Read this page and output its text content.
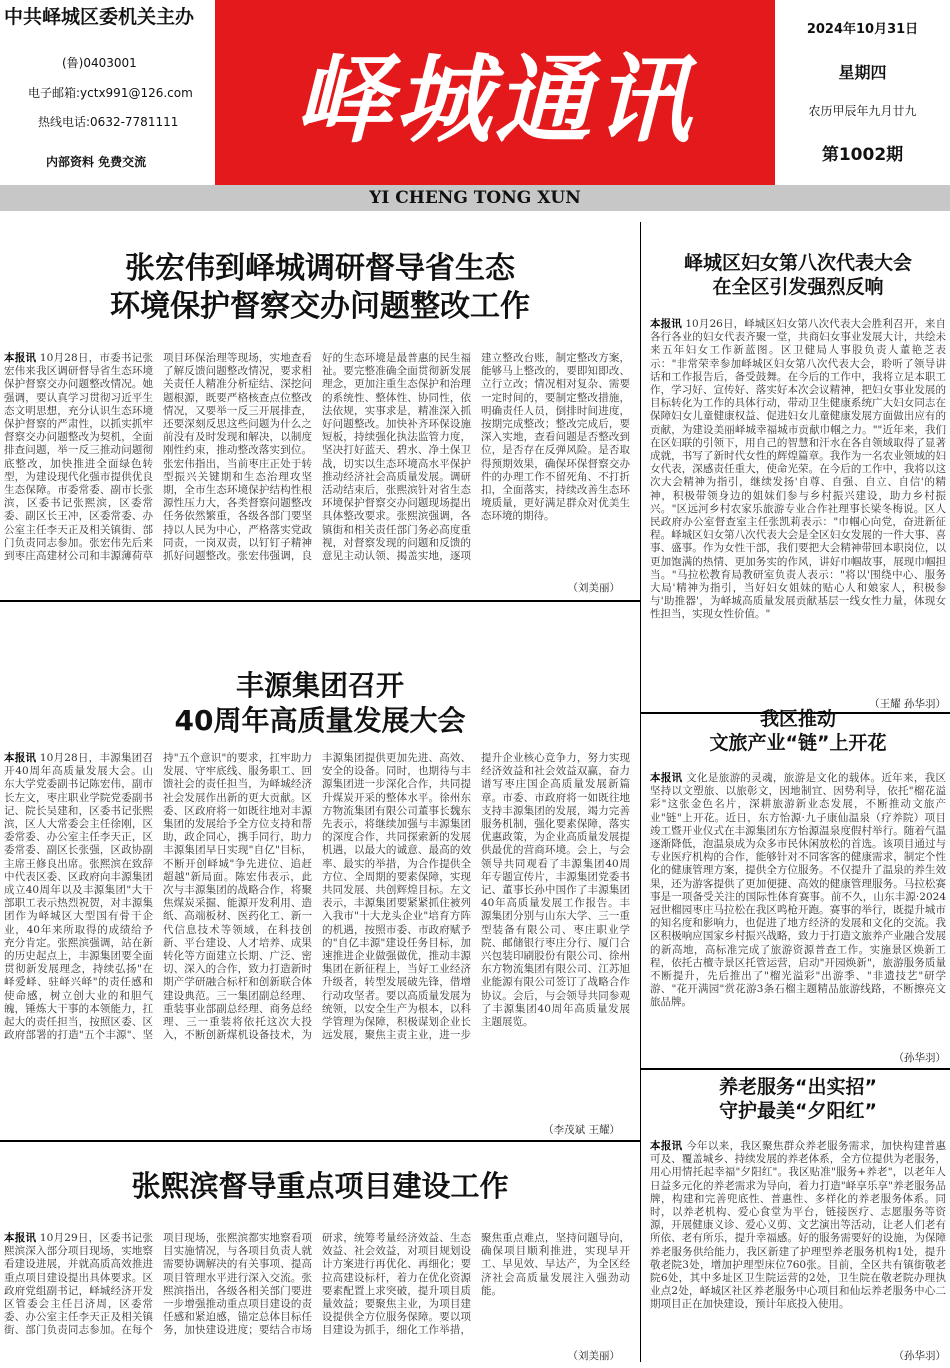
中共峄城区委机关主办
(鲁)0403001
电子邮箱:yctx991@126.com
热线电话:0632-7781111
内部资料 免费交流
峄城通讯
2024年10月31日
星期四
农历甲辰年九月廿九
第1002期
YI CHENG TONG XUN
张宏伟到峄城调研督导省生态
环境保护督察交办问题整改工作
本报讯 10月28日，市委书记张宏伟来我区调研督导省生态环境保护督察交办问题整改情况。她强调，要认真学习贯彻习近平生态文明思想，充分认识生态环境保护督察的严肃性，以抓实抓牢督察交办问题整改为契机，全面排查问题，举一反三推动问题彻底整改，加快推进全面绿色转型，为建设现代化强市提供优良生态保障。市委常委、副市长张滨，区委书记张熙滨，区委常委、副区长王冲，区委常委、办公室主任李天正及相关镇街、部门负责同志参加。张宏伟先后来到枣庄高建材公司和丰源薄荷草项目环保治理等现场，实地查看了解反馈问题整改情况，要求相关责任人精准分析症结、深挖问题根源，既要严格核查点位整改情况，又要举一反三开展排查，还要深刻反思这些问题为什么之前没有及时发现和解决，以制度刚性约束，推动整改落实到位。张宏伟指出，当前枣庄正处于转型振兴关键期和生态治理攻坚期，全市生态环境保护结构性根源性压力大，各类督察问题整改任务依然繁重，各级各部门要坚持以人民为中心，严格落实党政同责，一岗双责，以钉钉子精神抓好问题整改。张宏伟强调，良好的生态环境是最普惠的民生福祉。要完整准确全面贯彻新发展理念，更加注重生态保护和治理的系统性、整体性、协同性，依法依规，实事求是，精准深入抓好问题整改。加快补齐环保设施短板，持续强化执法监管力度，坚决打好蓝天、碧水、净土保卫战，切实以生态环境高水平保护推动经济社会高质量发展。调研活动结束后，张熙滨针对省生态环境保护督察交办问题现场提出具体整改要求。张熙滨强调，各镇街和相关责任部门务必高度重视，对督察发现的问题和反馈的意见主动认领、揭盖实地，逐项建立整改台账，制定整改方案，能够马上整改的，要即知即改、立行立改；情况相对复杂、需要一定时间的，要制定整改措施，明确责任人员，倒排时间进度，按期完成整改；整改完成后，要深入实地，查看问题是否整改到位，是否存在反弹风险。是否取得预期效果，确保环保督察交办件的办理工作不留死角、不打折扣，全面落实，持续改善生态环境质量，更好满足群众对优美生态环境的期待。
（刘美丽）
丰源集团召开
40周年高质量发展大会
本报讯 10月28日，丰源集团召开40周年高质量发展大会。山东大学党委副书记陈宏伟，副市长左文，枣庄职业学院党委副书记、院长吴建和，区委书记张熙滨，区人大常委会主任徐刚，区委常委、办公室主任李天正，区委常委、副区长张强，区政协副主席王修良出席。张熙滨在致辞中代表区委、区政府向丰源集团成立40周年以及丰源集团"大干部职工表示热烈祝贺，对丰源集团作为峄城区大型国有骨干企业，40年来所取得的成绩给予充分肯定。张熙滨强调，站在新的历史起点上，丰源集团要全面贯彻新发展理念，持续弘扬"在峄爱峄、驻峄兴峄"的责任感和使命感，树立创大业的和胆气魄，锤炼大干事的本领能力，扛起大的责任担当，按照区委、区政府部署的打造"五个丰源"、坚持"五个意识"的要求，扛牢助力发展、守牢底线、服务职工、回馈社会的责任担当，为峄城经济社会发展作出新的更大贡献。区委、区政府将一如既往地对丰源集团的发展给予全方位支持和帮助，政企同心，携手同行，助力丰源集团早日实现"自亿"目标，不断开创峄城"争先进位、追赶超越"新局面。陈宏伟表示，此次与丰源集团的战略合作，将聚焦煤炭采掘、能源开发利用、造纸、高端板材、医药化工、新一代信息技术等领域，在科技创新、平台建设、人才培养、成果转化等方面建立长期、广泛、密切、深入的合作，致力打造新时期产学研融合标杆和创新联合体建设典范。三一集团副总经理、重装事业部副总经理、商务总经理、三一重装将依托这次大投入，不断创新煤机设备技术，为丰源集团提供更加先进、高效、安全的设备。同时，也期待与丰源集团进一步深化合作，共同提升煤炭开采的整体水平。徐州东方物流集团有限公司董事长魏东先表示，将继续加强与丰源集团的深度合作，共同探索新的发展机遇，以最大的诚意、最高的效率、最实的举措，为合作提供全方位、全周期的要素保障，实现共同发展、共创辉煌目标。左文表示，丰源集团要紧紧抓住被列入我市"十大龙头企业"培育方阵的机遇，按照市委、市政府赋予的"自亿丰源"建设任务目标，加速推进企业做强做优，推动丰源集团在新征程上，当好工业经济升级者，转型发展破先锋，借增行动攻坚者。要以高质量发展为统领，以安全生产为根本，以科学管理为保障，积极谋划企业长远发展，聚焦主责主业，进一步提升企业核心竞争力，努力实现经济效益和社会效益双赢，奋力谱写枣庄国企高质量发展新篇章。市委、市政府将一如既往地支持丰源集团的发展，竭力完善服务机制，强化要素保障，落实优惠政策，为企业高质量发展提供最优的营商环境。会上，与会领导共同观看了丰源集团40周年专题宣传片，丰源集团党委书记、董事长孙中国作了丰源集团40年高质量发展工作报告。丰源集团分别与山东大学、三一重型装备有限公司、枣庄职业学院、邮储银行枣庄分行、厦门合兴包装印刷股份有限公司、徐州东方物流集团有限公司、江苏旭业能源有限公司签订了战略合作协议。会后，与会领导共同参观了丰源集团40周年高质量发展主题展览。
（李茂斌 王耀）
张熙滨督导重点项目建设工作
本报讯 10月29日，区委书记张熙滨深入部分项目现场，实地察看建设进展，并就高质高效推进重点项目建设提出具体要求。区政府党组副书记，峄城经济开发区管委会主任吕济周，区委常委、办公室主任李天正及相关镇街、部门负责同志参加。在每个项目现场，张熙滨都实地察看项目实施情况，与各项目负责人就需要协调解决的有关事项、提高项目管理水平进行深入交流。张熙滨指出，各级各相关部门要进一步增强推动重点项目建设的责任感和紧迫感，锚定总体目标任务，加快建设进度；要结合市场研求，统筹考量经济效益、生态效益、社会效益，对项目规划设计方案进行再优化、再细化；要拉高建设标杆，着力在优化资源要素配置上求突破，提升项目质量效益；要聚焦主业，为项目建设提供全方位服务保障。要以项目建设为抓手，细化工作举措，聚焦重点难点，坚持问题导向，确保项目顺利推进，实现早开工、早见效、早达产，为全区经济社会高质量发展注入强劲动能。
（刘美丽）
峄城区妇女第八次代表大会
在全区引发强烈反响
本报讯 10月26日，峄城区妇女第八次代表大会胜利召开，来自各行各业的妇女代表齐聚一堂，共商妇女事业发展大计，共绘未来五年妇女工作新蓝图。区卫健局人事股负责人董艳芝表示："非常荣幸参加峄城区妇女第八次代表大会，聆听了领导讲话和工作报告后，备受鼓舞。在今后的工作中，我将立足本职工作，学习好、宣传好、落实好本次会议精神，把妇女事业发展的目标转化为工作的具体行动，带动卫生健康系统广大妇女同志在保障妇女儿童健康权益、促进妇女儿童健康发展方面做出应有的贡献，为建设美丽峄城幸福城市贡献巾帼之力。""近年来，我们在区妇联的引领下，用自己的智慧和汗水在各自领域取得了显著成就，书写了新时代女性的辉煌篇章。我作为一名农业领域的妇女代表，深感责任重大，使命光荣。在今后的工作中，我将以这次大会精神为指引，继续发扬'自尊、自强、自立、自信'的精神，积极带领身边的姐妹们参与乡村振兴建设，助力乡村振兴。"区远河乡村农家乐旅游专业合作社理事长梁冬梅说。区人民政府办公室督查室主任张凯莉表示："巾帼心向党，奋进新征程。峄城区妇女第八次代表大会是全区妇女发展的一件大事、喜事、盛事。作为女性干部，我们要把大会精神带回本职岗位，以更加饱满的热情、更加务实的作风，讲好巾帼故事，展现巾帼担当。"马拉松教育局教研室负责人表示："将以'围绕中心、服务大局'精神为指引，当好妇女姐妹的贴心人和娘家人，积极参与'助推器'，为峄城高质量发展贡献基层一线女性力量，体现女性担当，实现女性价值。"
（王耀 孙华羽）
我区推动
文旅产业“链”上开花
本报讯 文化是旅游的灵魂，旅游是文化的载体。近年来，我区坚持以文塑旅、以旅彰文，因地制宜、因势利导，依托"榴花溢彩"这张金色名片，深耕旅游新业态发展，不断推动文旅产业"链"上开花。近日，东方怡源·九子康仙温泉（疗养院）项目竣工暨开业仪式在丰源集团东方怡源温泉度假村举行。随着气温逐渐降低，泡温泉成为众多市民休闲放松的首选。该项目通过与专业医疗机构的合作，能够针对不同客客的健康需求，制定个性化的健康管理方案，提供全方位服务。不仅提升了温泉的养生效果，还为游客提供了更加便捷、高效的健康管理服务。马拉松赛事是一项备受关注的国际性体育赛事。前不久，山东丰源·2024冠世榴园枣庄马拉松在我区鸣枪开跑。赛事的举行，既提升城市的知名度和影响力，也促进了地方经济的发展和文化的交流。我区积极响应国家乡村振兴战略，致力于打造文旅养产业融合发展的新高地，高标准完成了旅游资源普查工作。实施景区焕新工程，依托古檀寺景区托管运营，启动"开园焕新"，旅游服务质量不断提升，先后推出了"榴光溢彩"出游季、"非遗技艺"研学游、"花开满园"赏花游3条石榴主题精品旅游线路，不断擦亮文旅品牌。
（孙华羽）
养老服务“出实招”
守护最美“夕阳红”
本报讯 今年以来，我区聚焦群众养老服务需求，加快构建普惠可及、覆盖城乡、持续发展的养老体系，全方位提供为老服务，用心用情托起幸福"夕阳红"。我区贴准"服务+养老"，以老年人日益多元化的养老需求为导向，着力打造"峄享乐享"养老服务品牌，构建和完善兜底性、普惠性、多样化的养老服务体系。同时，以养老机构、爱心食堂为平台，链接医疗、志愿服务等资源，开展健康义诊、爱心义剪、文艺演出等活动，让老人们老有所依、老有所乐，提升幸福感。好的服务需要好的设施，为保障养老服务供给能力，我区新建了护理型养老服务机构1处，提升敬老院3处，增加护理型床位760张。目前，全区共有镇街敬老院6处，其中多址区卫生院运营的2处，卫生院在敬老院办理执业点2处，峄城区社区养老服务中心项目和仙坛养老服务中心二期项目正在加快建设，预计年底投入使用。
（孙华羽）
